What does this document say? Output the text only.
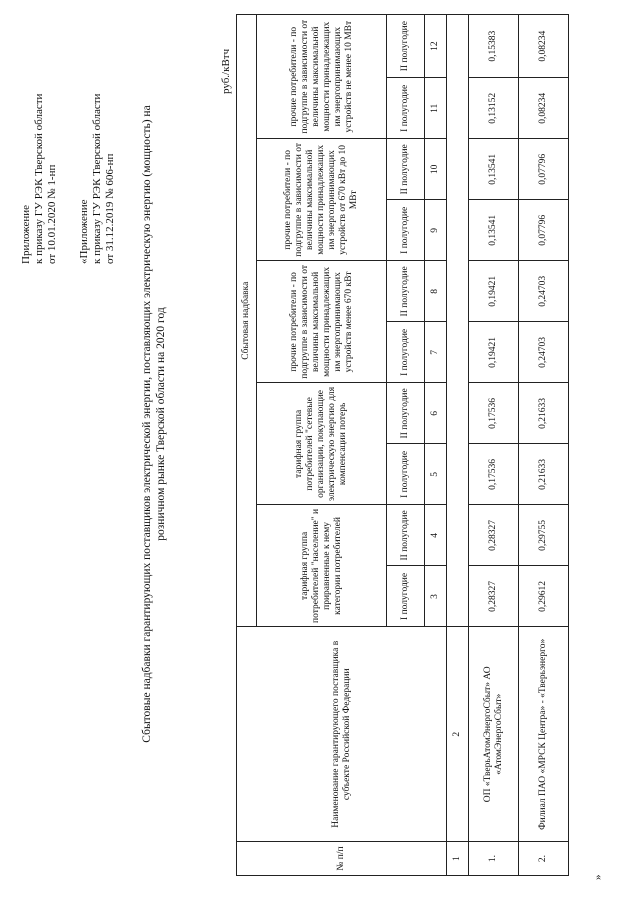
Приложение к приказу ГУ РЭК Тверской области от 10.01.2020 № 1-нп «Приложение к приказу ГУ РЭК Тверской области от 31.12.2019 № 606-нп Сбытовые надбавки гарантирующих поставщиков электрической энергии, поставляющих электрическую энергию (мощность) на розничном рынке Тверской области на 2020 год
руб./кВтч
№ п/п	Наименование гарантирующего поставщика в субъекте Российской Федерации	Сбытовая надбавка									
		тарифная группа потребителей "население" и приравненные к нему категории потребителей		тарифная группа потребителей "сетевые организации, покупающие электрическую энергию для компенсации потерь		прочие потребители - по подгруппе в зависимости от величины максимальной мощности принадлежащих им энергопринимающих устройств менее 670 кВт		прочие потребители - по подгруппе в зависимости от величины максимальной мощности принадлежащих им энергопринимающих устройств от 670 кВт до 10 МВт		прочие потребители - по подгруппе в зависимости от величины максимальной мощности принадлежащих им энергопринимающих устройств не менее 10 МВт	
		I полугодие	II полугодие	I полугодие	II полугодие	I полугодие	II полугодие	I полугодие	II полугодие	I полугодие	II полугодие
		3	4	5	6	7	8	9	10	11	12
1	2										
1.	ОП «ТверьАтомЭнергоСбыт» АО «АтомЭнергоСбыт»	0,28327	0,28327	0,17536	0,17536	0,19421	0,19421	0,13541	0,13541	0,13152	0,15383
2.	Филиал ПАО «МРСК Центра» - «Тверьэнерго»	0,29612	0,29755	0,21633	0,21633	0,24703	0,24703	0,07796	0,07796	0,08234	0,08234
»
